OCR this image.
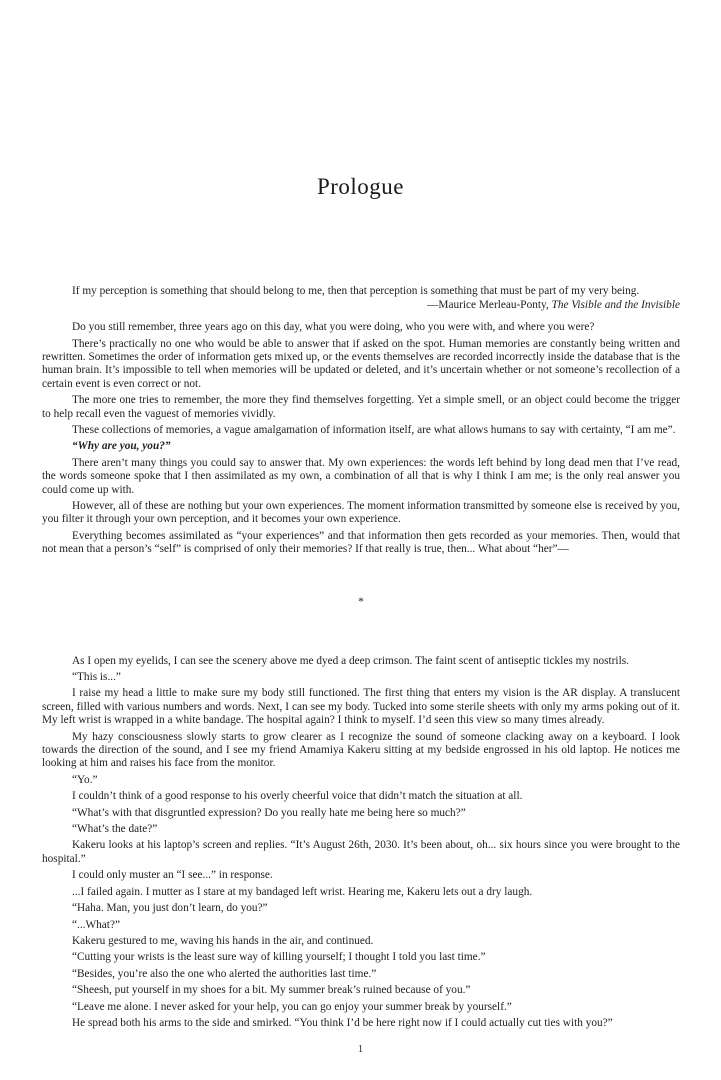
Prologue

If my perception is something that should belong to me, then that perception is something that must be part of my very being.

—Maurice Merleau-Ponty, The Visible and the Invisible

Do you still remember, three years ago on this day, what you were doing, who you were with, and where you were?

There’s practically no one who would be able to answer that if asked on the spot. Human memories are constantly being written and rewritten. Sometimes the order of information gets mixed up, or the events themselves are recorded incorrectly inside the database that is the human brain. It’s impossible to tell when memories will be updated or deleted, and it’s uncertain whether or not someone’s recollection of a certain event is even correct or not.

The more one tries to remember, the more they find themselves forgetting. Yet a simple smell, or an object could become the trigger to help recall even the vaguest of memories vividly.

These collections of memories, a vague amalgamation of information itself, are what allows humans to say with certainty, “I am me”.

“Why are you, you?”

There aren’t many things you could say to answer that. My own experiences: the words left behind by long dead men that I’ve read, the words someone spoke that I then assimilated as my own, a combination of all that is why I think I am me; is the only real answer you could come up with.

However, all of these are nothing but your own experiences. The moment information transmitted by someone else is received by you, you filter it through your own perception, and it becomes your own experience.

Everything becomes assimilated as “your experiences” and that information then gets recorded as your memories. Then, would that not mean that a person’s “self” is comprised of only their memories? If that really is true, then... What about “her”—

*

As I open my eyelids, I can see the scenery above me dyed a deep crimson. The faint scent of antiseptic tickles my nostrils.

“This is...”

I raise my head a little to make sure my body still functioned. The first thing that enters my vision is the AR display. A translucent screen, filled with various numbers and words. Next, I can see my body. Tucked into some sterile sheets with only my arms poking out of it. My left wrist is wrapped in a white bandage. The hospital again? I think to myself. I’d seen this view so many times already.

My hazy consciousness slowly starts to grow clearer as I recognize the sound of someone clacking away on a keyboard. I look towards the direction of the sound, and I see my friend Amamiya Kakeru sitting at my bedside engrossed in his old laptop. He notices me looking at him and raises his face from the monitor.

“Yo.”

I couldn’t think of a good response to his overly cheerful voice that didn’t match the situation at all.

“What’s with that disgruntled expression? Do you really hate me being here so much?”

“What’s the date?”

Kakeru looks at his laptop’s screen and replies. “It’s August 26th, 2030. It’s been about, oh... six hours since you were brought to the hospital.”

I could only muster an “I see...” in response.

...I failed again. I mutter as I stare at my bandaged left wrist. Hearing me, Kakeru lets out a dry laugh.

“Haha. Man, you just don’t learn, do you?”

“...What?”

Kakeru gestured to me, waving his hands in the air, and continued.

“Cutting your wrists is the least sure way of killing yourself; I thought I told you last time.”

“Besides, you’re also the one who alerted the authorities last time.”

“Sheesh, put yourself in my shoes for a bit. My summer break’s ruined because of you.”

“Leave me alone. I never asked for your help, you can go enjoy your summer break by yourself.”

He spread both his arms to the side and smirked. “You think I’d be here right now if I could actually cut ties with you?”

1
